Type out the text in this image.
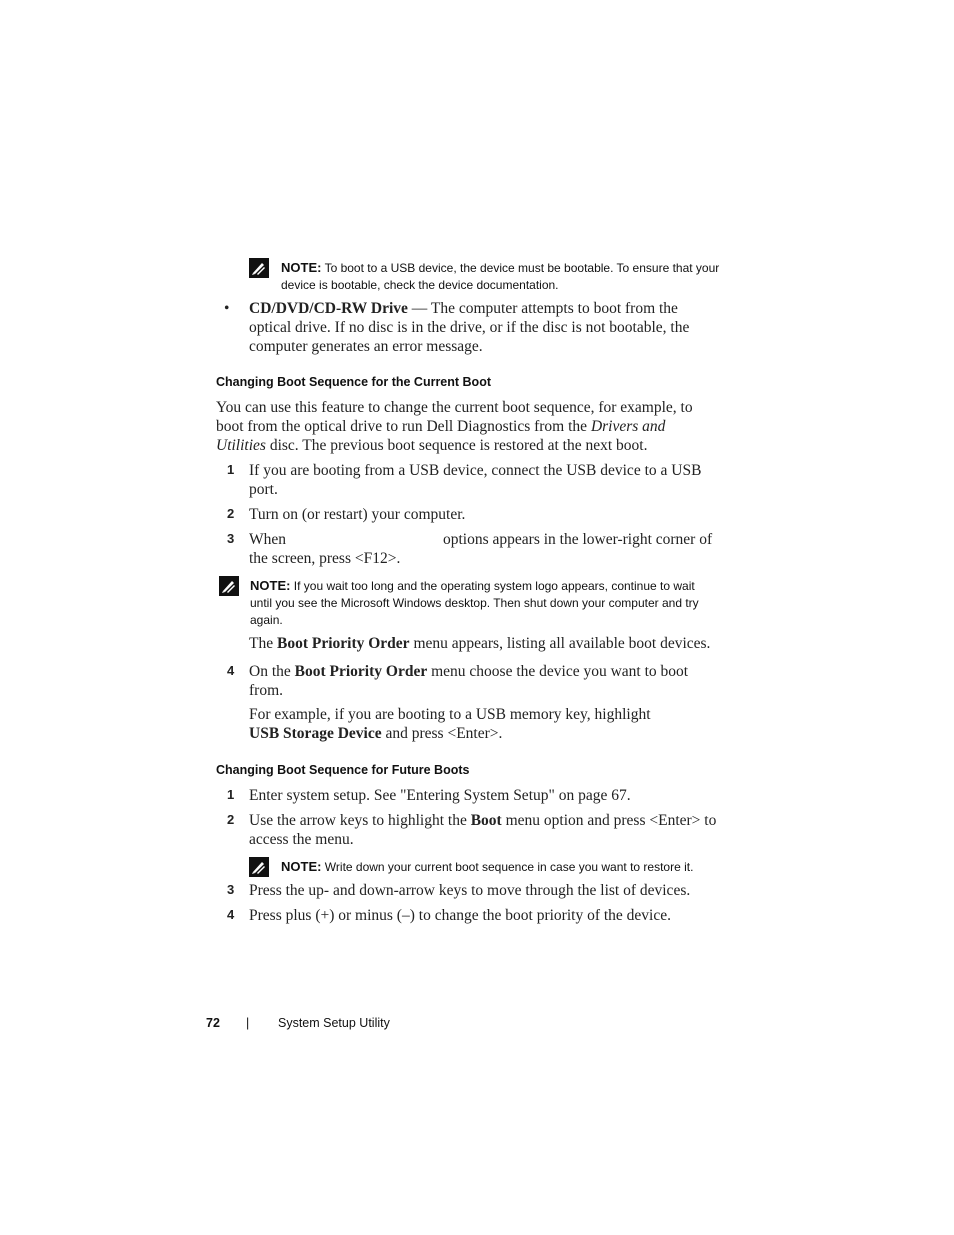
NOTE: To boot to a USB device, the device must be bootable. To ensure that your device is bootable, check the device documentation.
• CD/DVD/CD-RW Drive — The computer attempts to boot from the optical drive. If no disc is in the drive, or if the disc is not bootable, the computer generates an error message.
Changing Boot Sequence for the Current Boot
You can use this feature to change the current boot sequence, for example, to boot from the optical drive to run Dell Diagnostics from the Drivers and Utilities disc. The previous boot sequence is restored at the next boot.
1 If you are booting from a USB device, connect the USB device to a USB port.
2 Turn on (or restart) your computer.
3 When	options appears in the lower-right corner of the screen, press <F12>.
NOTE: If you wait too long and the operating system logo appears, continue to wait until you see the Microsoft Windows desktop. Then shut down your computer and try again.
The Boot Priority Order menu appears, listing all available boot devices.
4 On the Boot Priority Order menu choose the device you want to boot from.
For example, if you are booting to a USB memory key, highlight USB Storage Device and press <Enter>.
Changing Boot Sequence for Future Boots
1 Enter system setup. See "Entering System Setup" on page 67.
2 Use the arrow keys to highlight the Boot menu option and press <Enter> to access the menu.
NOTE: Write down your current boot sequence in case you want to restore it.
3 Press the up- and down-arrow keys to move through the list of devices.
4 Press plus (+) or minus (–) to change the boot priority of the device.
72 | System Setup Utility
